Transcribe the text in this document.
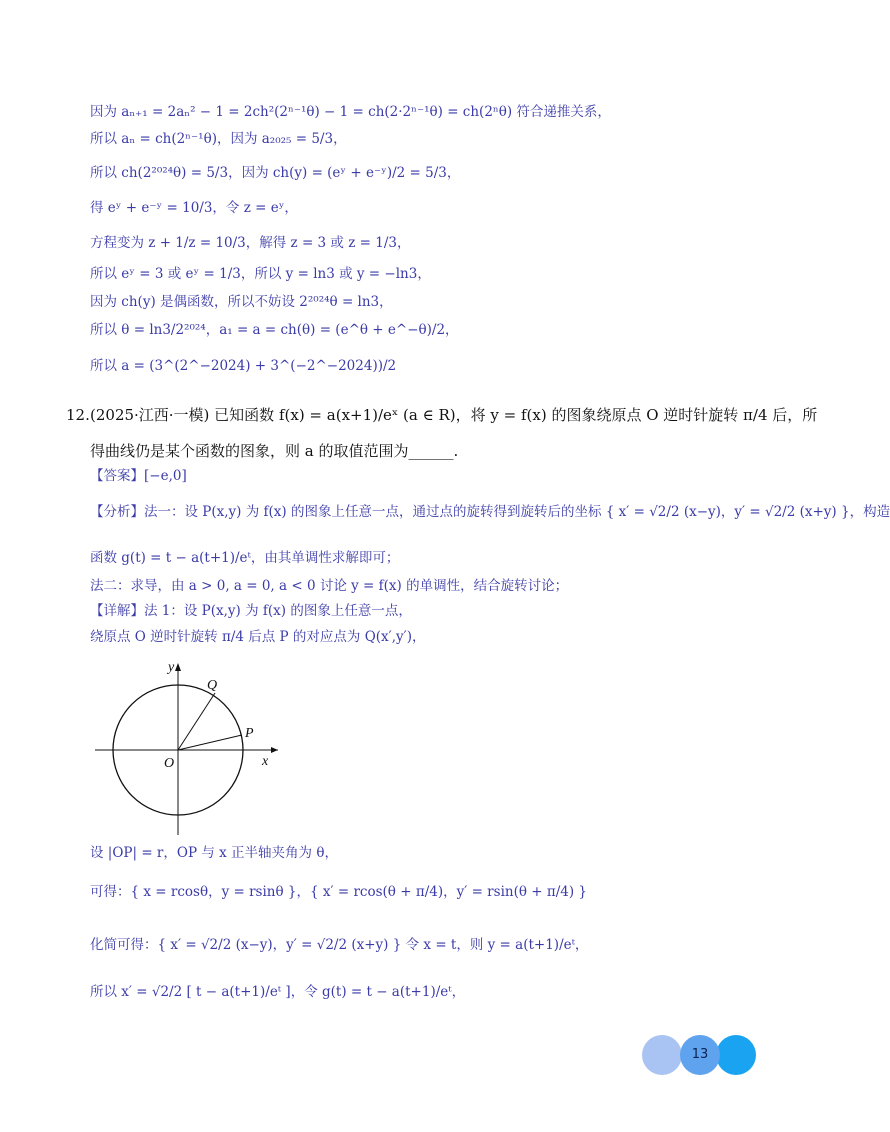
因为 aₙ₊₁ = 2aₙ² − 1 = 2ch²(2ⁿ⁻¹θ) − 1 = ch(2·2ⁿ⁻¹θ) = ch(2ⁿθ) 符合递推关系，
所以 aₙ = ch(2ⁿ⁻¹θ)，因为 a₂₀₂₅ = 5/3，
所以 ch(2²⁰²⁴θ) = 5/3，因为 ch(y) = (eʸ + e⁻ʸ)/2 = 5/3，
得 eʸ + e⁻ʸ = 10/3，令 z = eʸ，
方程变为 z + 1/z = 10/3，解得 z = 3 或 z = 1/3，
所以 eʸ = 3 或 eʸ = 1/3，所以 y = ln3 或 y = −ln3，
因为 ch(y) 是偶函数，所以不妨设 2²⁰²⁴θ = ln3，
所以 θ = ln3/2²⁰²⁴，a₁ = a = ch(θ) = (e^θ + e^−θ)/2，
所以 a = (3^(2^−2024) + 3^(−2^−2024))/2
12. (2025·江西·一模) 已知函数 f(x) = a(x+1)/eˣ (a ∈ R)，将 y = f(x) 的图象绕原点 O 逆时针旋转 π/4 后，所
得曲线仍是某个函数的图象，则 a 的取值范围为______.
【答案】[−e,0]
【分析】法一：设 P(x,y) 为 f(x) 的图象上任意一点，通过点的旋转得到旋转后的坐标 { x′ = √2/2 (x−y)，y′ = √2/2 (x+y) }，构造
函数 g(t) = t − a(t+1)/eᵗ，由其单调性求解即可；
法二：求导，由 a > 0, a = 0, a < 0 讨论 y = f(x) 的单调性，结合旋转讨论；
【详解】法 1：设 P(x,y) 为 f(x) 的图象上任意一点，
绕原点 O 逆时针旋转 π/4 后点 P 的对应点为 Q(x′,y′)，
y
x
O
Q
P
设 |OP| = r，OP 与 x 正半轴夹角为 θ，
可得：{ x = rcosθ，y = rsinθ }，{ x′ = rcos(θ + π/4)，y′ = rsin(θ + π/4) }
化简可得：{ x′ = √2/2 (x−y)，y′ = √2/2 (x+y) } 令 x = t，则 y = a(t+1)/eᵗ，
所以 x′ = √2/2 [ t − a(t+1)/eᵗ ]，令 g(t) = t − a(t+1)/eᵗ，
13
